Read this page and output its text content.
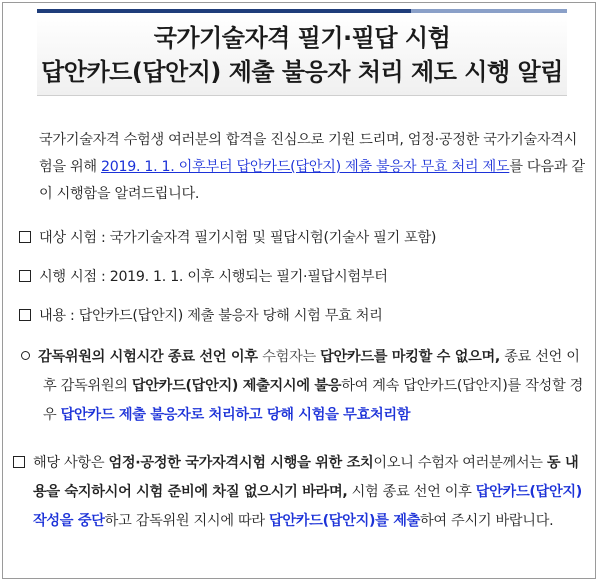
국가기술자격 필기·필답 시험

답안카드(답안지) 제출 불응자 처리 제도 시행 알림

국가기술자격 수험생 여러분의 합격을 진심으로 기원 드리며, 엄정·공정한 국가기술자격시험을 위해 2019. 1. 1. 이후부터 답안카드(답안지) 제출 불응자 무효 처리 제도를 다음과 같이 시행함을 알려드립니다.
대상 시험 : 국가기술자격 필기시험 및 필답시험(기술사 필기 포함)
시행 시점 : 2019. 1. 1. 이후 시행되는 필기·필답시험부터
내용 : 답안카드(답안지) 제출 불응자 당해 시험 무효 처리
감독위원의 시험시간 종료 선언 이후 수험자는 답안카드를 마킹할 수 없으며, 종료 선언 이후 감독위원의 답안카드(답안지) 제출지시에 불응하여 계속 답안카드(답안지)를 작성할 경우 답안카드 제출 불응자로 처리하고 당해 시험을 무효처리함
해당 사항은 엄정·공정한 국가자격시험 시행을 위한 조치이오니 수험자 여러분께서는 동 내용을 숙지하시어 시험 준비에 차질 없으시기 바라며, 시험 종료 선언 이후 답안카드(답안지) 작성을 중단하고 감독위원 지시에 따라 답안카드(답안지)를 제출하여 주시기 바랍니다.
